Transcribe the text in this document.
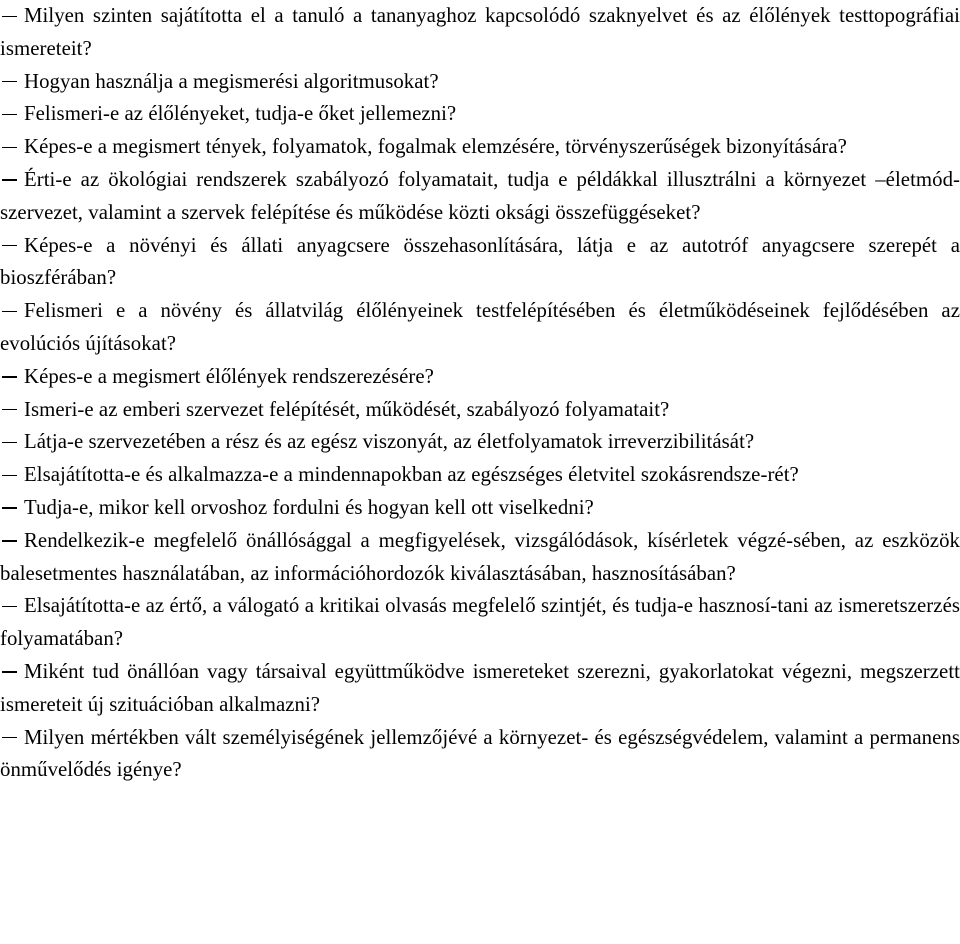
Milyen szinten sajátította el a tanuló a tananyaghoz kapcsolódó szaknyelvet és az élőlények testtopográfiai ismereteit?
Hogyan használja a megismerési algoritmusokat?
Felismeri-e az élőlényeket, tudja-e őket jellemezni?
Képes-e a megismert tények, folyamatok, fogalmak elemzésére, törvényszerűségek bizonyítására?
Érti-e az ökológiai rendszerek szabályozó folyamatait, tudja e példákkal illusztrálni a környezet –életmód- szervezet, valamint a szervek felépítése és működése közti oksági összefüggéseket?
Képes-e a növényi és állati anyagcsere összehasonlítására, látja e az autotróf anyagcsere szerepét a bioszférában?
Felismeri e a növény és állatvilág élőlényeinek testfelépítésében és életműködéseinek fejlődésében az evolúciós újításokat?
Képes-e a megismert élőlények rendszerezésére?
Ismeri-e az emberi szervezet felépítését, működését, szabályozó folyamatait?
Látja-e szervezetében a rész és az egész viszonyát, az életfolyamatok irreverzibilitását?
Elsajátította-e és alkalmazza-e a mindennapokban az egészséges életvitel szokásrendsze-rét?
Tudja-e, mikor kell orvoshoz fordulni és hogyan kell ott viselkedni?
Rendelkezik-e megfelelő önállósággal a megfigyelések, vizsgálódások, kísérletek végzé-sében, az eszközök balesetmentes használatában, az információhordozók kiválasztásában, hasznosításában?
Elsajátította-e az értő, a válogató a kritikai olvasás megfelelő szintjét, és tudja-e hasznosí-tani az ismeretszerzés folyamatában?
Miként tud önállóan vagy társaival együttműködve ismereteket szerezni, gyakorlatokat végezni, megszerzett ismereteit új szituációban alkalmazni?
Milyen mértékben vált személyiségének jellemzőjévé a környezet- és egészségvédelem, valamint a permanens önművelődés igénye?
